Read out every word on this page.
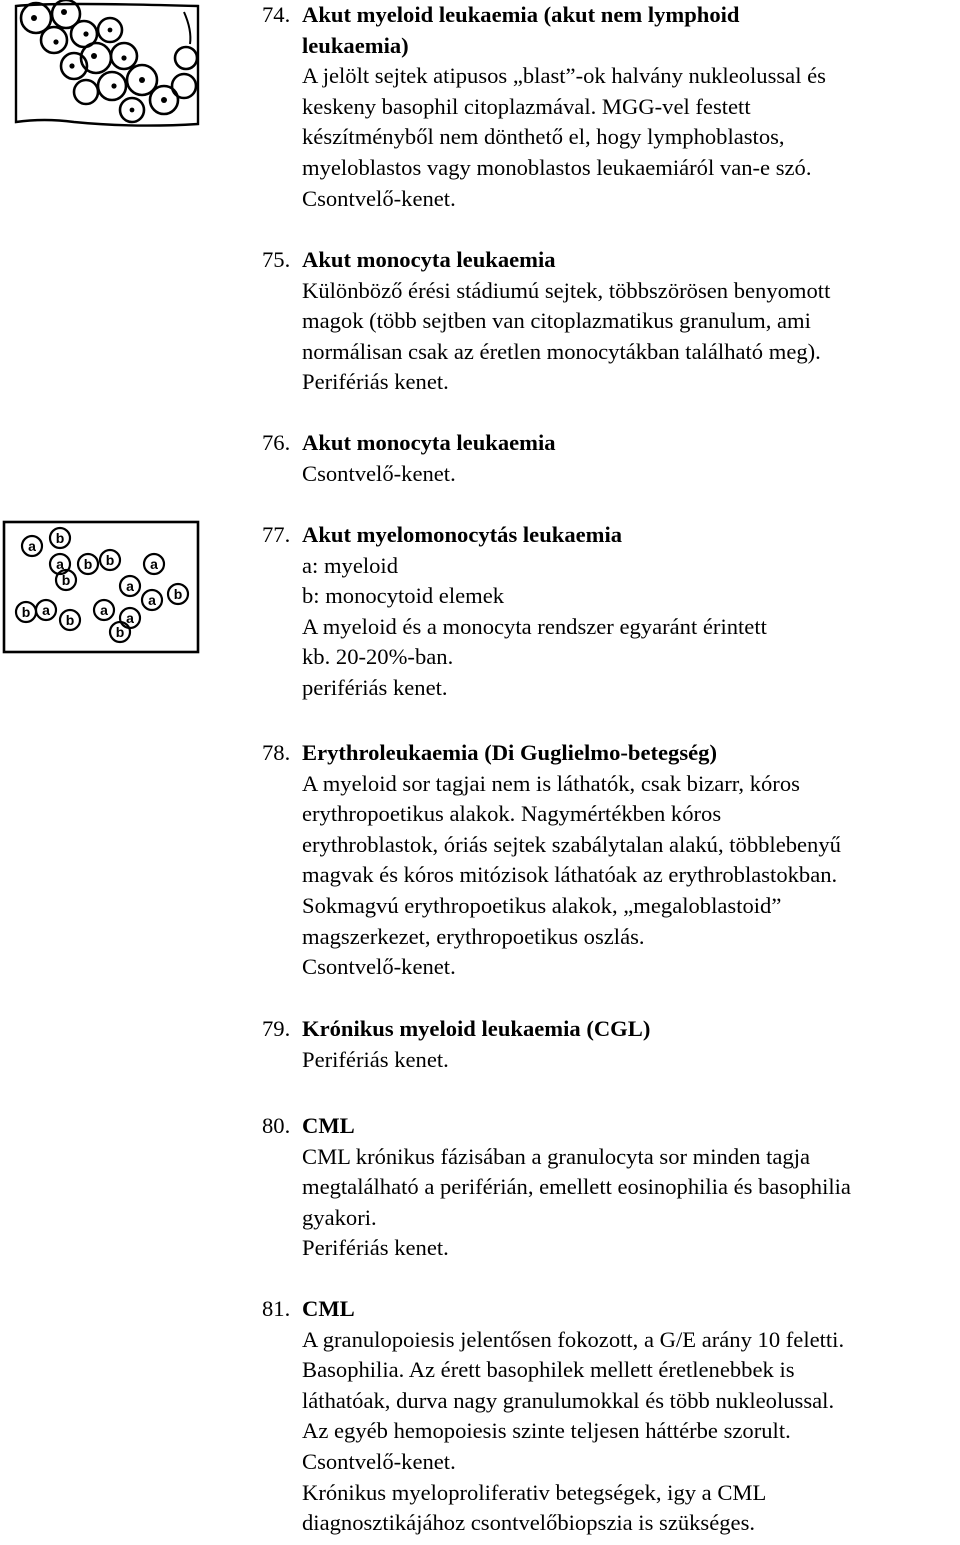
a b
a b b	a
a
a
b a
b
a a
b
b
b
74. Akut myeloid leukaemia (akut nem lymphoid
leukaemia)
A jelölt sejtek atipusos „blast”-ok halvány nukleolussal és
keskeny basophil citoplazmával. MGG-vel festett
készítményből nem dönthető el, hogy lymphoblastos,
myeloblastos vagy monoblastos leukaemiáról van-e szó.
Csontvelő-kenet.
75. Akut monocyta leukaemia
Különböző érési stádiumú sejtek, többszörösen benyomott
magok (több sejtben van citoplazmatikus granulum, ami
normálisan csak az éretlen monocytákban található meg).
Perifériás kenet.
76. Akut monocyta leukaemia
Csontvelő-kenet.
77. Akut myelomonocytás leukaemia
a: myeloid
b: monocytoid elemek
A myeloid és a monocyta rendszer egyaránt érintett
kb. 20-20%-ban.
perifériás kenet.
78. Erythroleukaemia (Di Guglielmo-betegség)
A myeloid sor tagjai nem is láthatók, csak bizarr, kóros
erythropoetikus alakok. Nagymértékben kóros
erythroblastok, óriás sejtek szabálytalan alakú, többlebenyű
magvak és kóros mitózisok láthatóak az erythroblastokban.
Sokmagvú erythropoetikus alakok, „megaloblastoid”
magszerkezet, erythropoetikus oszlás.
Csontvelő-kenet.
79. Krónikus myeloid leukaemia (CGL)
Perifériás kenet.
80. CML
CML krónikus fázisában a granulocyta sor minden tagja
megtalálható a periférián, emellett eosinophilia és basophilia
gyakori.
Perifériás kenet.
81. CML
A granulopoiesis jelentősen fokozott, a G/E arány 10 feletti.
Basophilia. Az érett basophilek mellett éretlenebbek is
láthatóak, durva nagy granulumokkal és több nukleolussal.
Az egyéb hemopoiesis szinte teljesen háttérbe szorult.
Csontvelő-kenet.
Krónikus myeloproliferativ betegségek, igy a CML
diagnosztikájához csontvelőbiopszia is szükséges.
